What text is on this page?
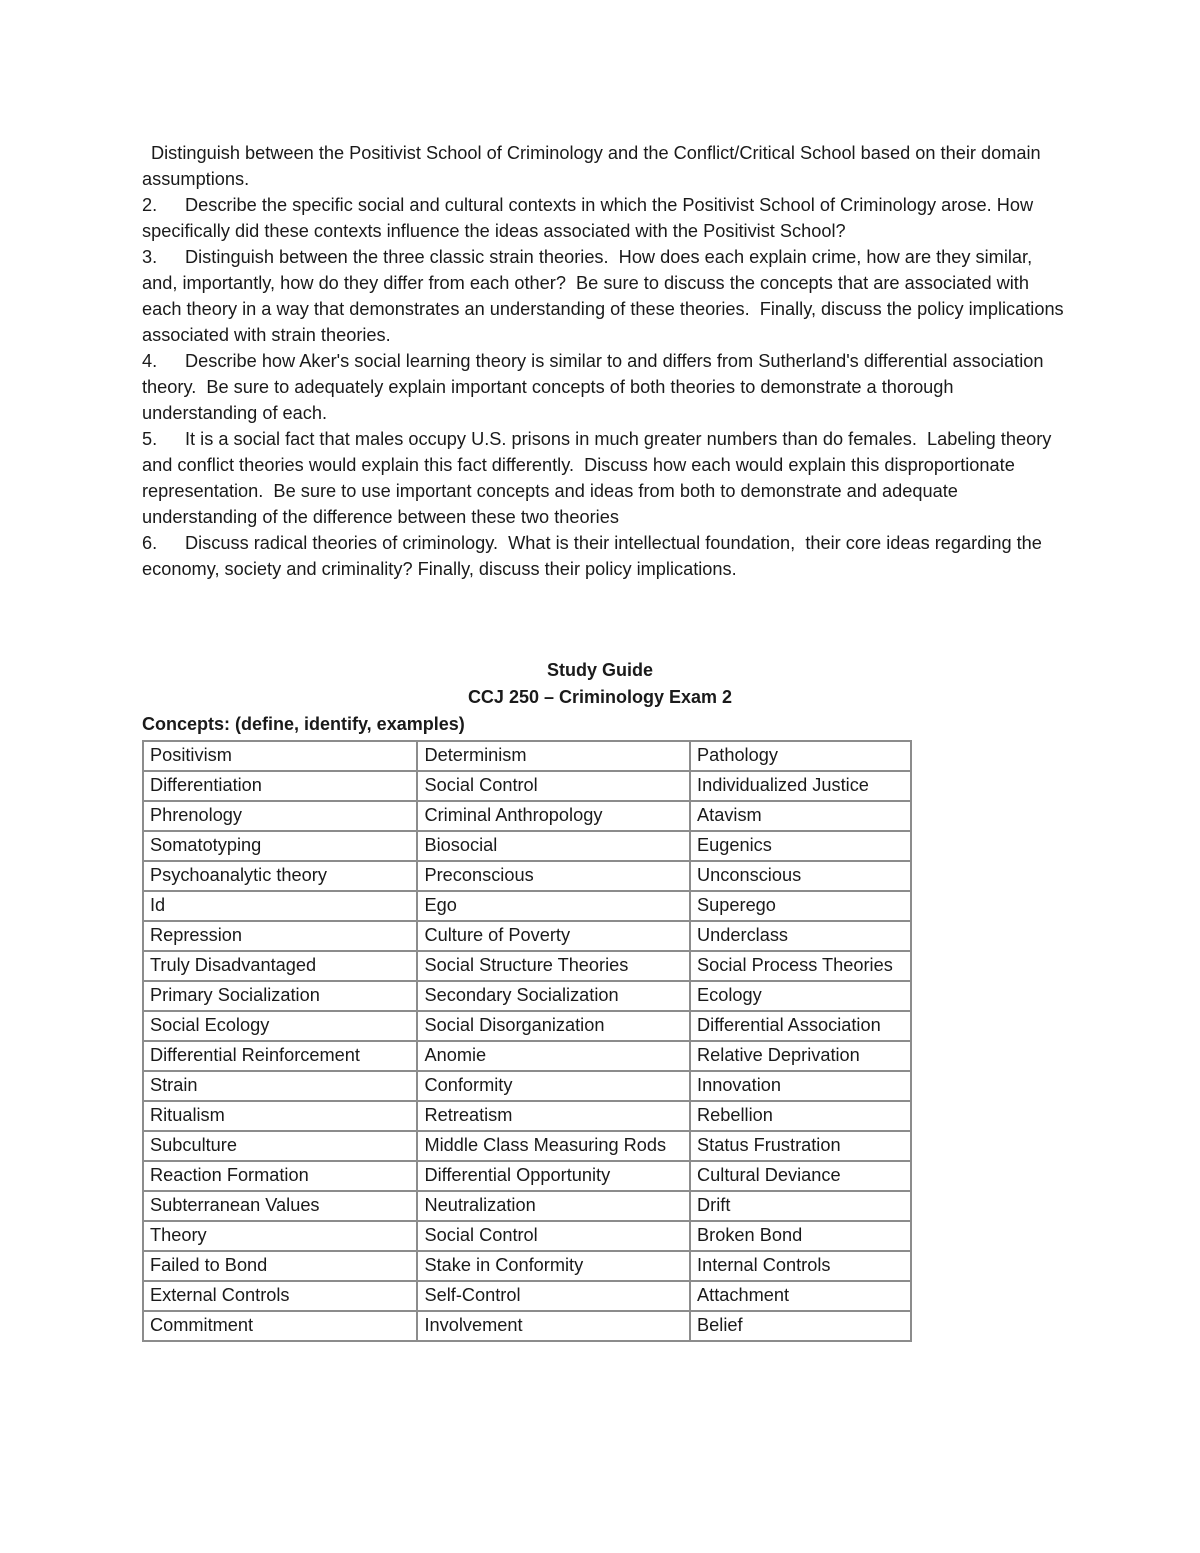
Distinguish between the Positivist School of Criminology and the Conflict/Critical School based on their domain assumptions.

2. Describe the specific social and cultural contexts in which the Positivist School of Criminology arose. How specifically did these contexts influence the ideas associated with the Positivist School?

3. Distinguish between the three classic strain theories.  How does each explain crime, how are they similar, and, importantly, how do they differ from each other?  Be sure to discuss the concepts that are associated with each theory in a way that demonstrates an understanding of these theories.  Finally, discuss the policy implications associated with strain theories.

4. Describe how Aker's social learning theory is similar to and differs from Sutherland's differential association theory.  Be sure to adequately explain important concepts of both theories to demonstrate a thorough understanding of each.

5. It is a social fact that males occupy U.S. prisons in much greater numbers than do females.  Labeling theory and conflict theories would explain this fact differently.  Discuss how each would explain this disproportionate representation.  Be sure to use important concepts and ideas from both to demonstrate and adequate understanding of the difference between these two theories

6. Discuss radical theories of criminology.  What is their intellectual foundation,  their core ideas regarding the economy, society and criminality? Finally, discuss their policy implications.

Study Guide

CCJ 250 – Criminology Exam 2

Concepts: (define, identify, examples)

Positivism	Determinism	Pathology
Differentiation	Social Control	Individualized Justice
Phrenology	Criminal Anthropology	Atavism
Somatotyping	Biosocial	Eugenics
Psychoanalytic theory	Preconscious	Unconscious
Id	Ego	Superego
Repression	Culture of Poverty	Underclass
Truly Disadvantaged	Social Structure Theories	Social Process Theories
Primary Socialization	Secondary Socialization	Ecology
Social Ecology	Social Disorganization	Differential Association
Differential Reinforcement	Anomie	Relative Deprivation
Strain	Conformity	Innovation
Ritualism	Retreatism	Rebellion
Subculture	Middle Class Measuring Rods	Status Frustration
Reaction Formation	Differential Opportunity	Cultural Deviance
Subterranean Values	Neutralization	Drift
Theory	Social Control	Broken Bond
Failed to Bond	Stake in Conformity	Internal Controls
External Controls	Self-Control	Attachment
Commitment	Involvement	Belief
